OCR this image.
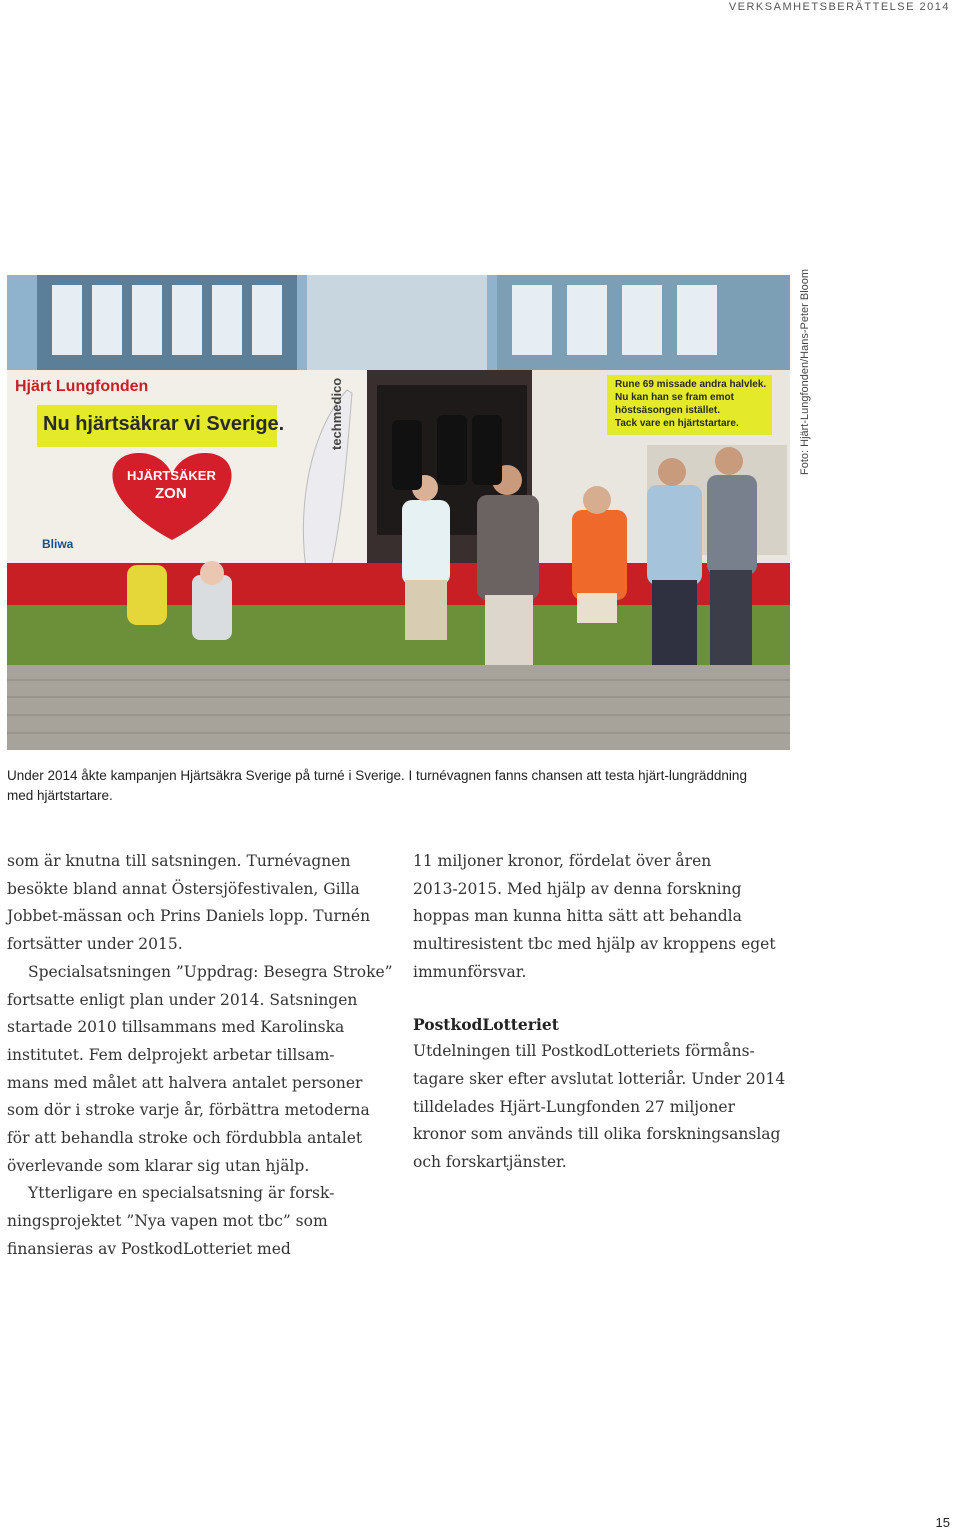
VERKSAMHETSBERÄTTELSE 2014
Hjärt Lungfonden
Nu hjärtsäkrar vi Sverige.
HJÄRTSÄKER
ZON
techmedico
Bliwa
Rune 69 missade andra halvlek.
Nu kan han se fram emot
höstsäsongen istället.
Tack vare en hjärtstartare.	Foto: Hjärt-Lungfonden/Hans-Peter Bloom
Under 2014 åkte kampanjen Hjärtsäkra Sverige på turné i Sverige. I turnévagnen fanns chansen att testa hjärt-lungräddning
med hjärtstartare.

som är knutna till satsningen. Turnévagnen
besökte bland annat Östersjöfestivalen, Gilla
Jobbet-mässan och Prins Daniels lopp. Turnén
fortsätter under 2015.

Specialsatsningen ”Uppdrag: Besegra Stroke”
fortsatte enligt plan under 2014. Satsningen
startade 2010 tillsammans med Karolinska
institutet. Fem delprojekt arbetar tillsam-
mans med målet att halvera antalet personer
som dör i stroke varje år, förbättra metoderna
för att behandla stroke och fördubbla antalet
överlevande som klarar sig utan hjälp.

Ytterligare en specialsatsning är forsk-
ningsprojektet ”Nya vapen mot tbc” som
finansieras av PostkodLotteriet med

11 miljoner kronor, fördelat över åren
2013-2015. Med hjälp av denna forskning
hoppas man kunna hitta sätt att behandla
multiresistent tbc med hjälp av kroppens eget
immunförsvar.

PostkodLotteriet
Utdelningen till PostkodLotteriets förmåns-
tagare sker efter avslutat lotteriår. Under 2014
tilldelades Hjärt-Lungfonden 27 miljoner
kronor som används till olika forskningsanslag
och forskartjänster.

15
